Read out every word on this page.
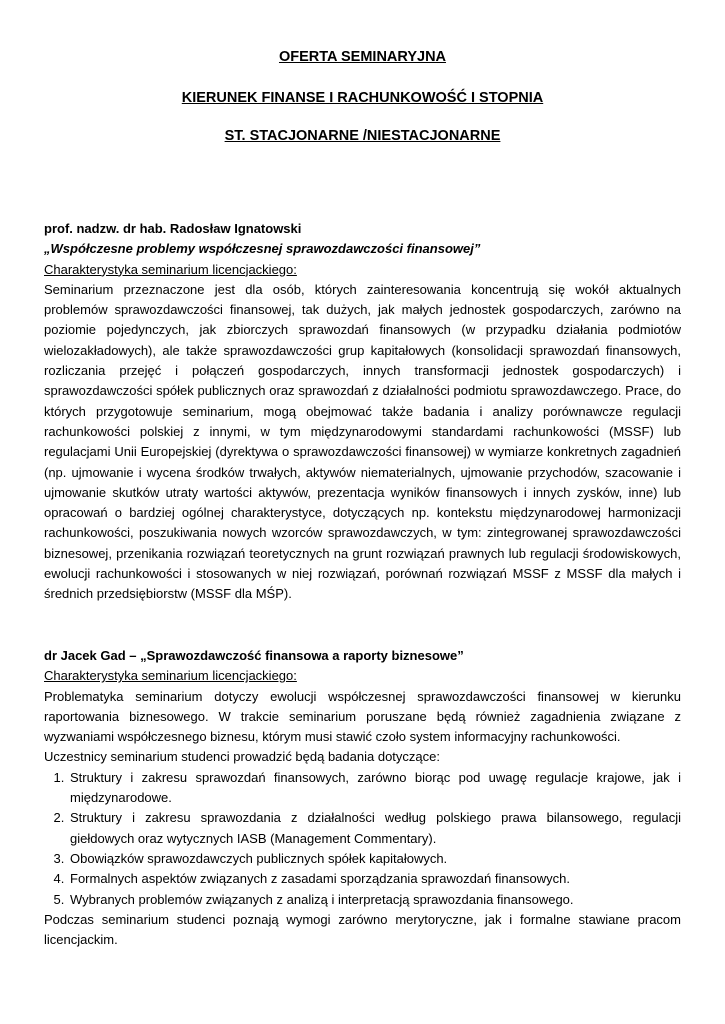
OFERTA SEMINARYJNA
KIERUNEK FINANSE I RACHUNKOWOŚĆ I STOPNIA
ST. STACJONARNE /NIESTACJONARNE

prof. nadzw. dr hab. Radosław Ignatowski

„Współczesne problemy współczesnej sprawozdawczości finansowej”

Charakterystyka seminarium licencjackiego:

Seminarium przeznaczone jest dla osób, których zainteresowania koncentrują się wokół aktualnych problemów sprawozdawczości finansowej, tak dużych, jak małych jednostek gospodarczych, zarówno na poziomie pojedynczych, jak zbiorczych sprawozdań finansowych (w przypadku działania podmiotów wielozakładowych), ale także sprawozdawczości grup kapitałowych (konsolidacji sprawozdań finansowych, rozliczania przejęć i połączeń gospodarczych, innych transformacji jednostek gospodarczych) i sprawozdawczości spółek publicznych oraz sprawozdań z działalności podmiotu sprawozdawczego. Prace, do których przygotowuje seminarium, mogą obejmować także badania i analizy porównawcze regulacji rachunkowości polskiej z innymi, w tym międzynarodowymi standardami rachunkowości (MSSF) lub regulacjami Unii Europejskiej (dyrektywa o sprawozdawczości finansowej) w wymiarze konkretnych zagadnień (np. ujmowanie i wycena środków trwałych, aktywów niematerialnych, ujmowanie przychodów, szacowanie i ujmowanie skutków utraty wartości aktywów, prezentacja wyników finansowych i innych zysków, inne) lub opracowań o bardziej ogólnej charakterystyce, dotyczących np. kontekstu międzynarodowej harmonizacji rachunkowości, poszukiwania nowych wzorców sprawozdawczych, w tym: zintegrowanej sprawozdawczości biznesowej, przenikania rozwiązań teoretycznych na grunt rozwiązań prawnych lub regulacji środowiskowych, ewolucji rachunkowości i stosowanych w niej rozwiązań, porównań rozwiązań MSSF z MSSF dla małych i średnich przedsiębiorstw (MSSF dla MŚP).

dr Jacek Gad – „Sprawozdawczość finansowa a raporty biznesowe”

Charakterystyka seminarium licencjackiego:

Problematyka seminarium dotyczy ewolucji współczesnej sprawozdawczości finansowej w kierunku raportowania biznesowego. W trakcie seminarium poruszane będą również zagadnienia związane z wyzwaniami współczesnego biznesu, którym musi stawić czoło system informacyjny rachunkowości.

Uczestnicy seminarium studenci prowadzić będą badania dotyczące:

1. Struktury i zakresu sprawozdań finansowych, zarówno biorąc pod uwagę regulacje krajowe, jak i międzynarodowe.
2. Struktury i zakresu sprawozdania z działalności według polskiego prawa bilansowego, regulacji giełdowych oraz wytycznych IASB (Management Commentary).
3. Obowiązków sprawozdawczych publicznych spółek kapitałowych.
4. Formalnych aspektów związanych z zasadami sporządzania sprawozdań finansowych.
5. Wybranych problemów związanych z analizą i interpretacją sprawozdania finansowego.

Podczas seminarium studenci poznają wymogi zarówno merytoryczne, jak i formalne stawiane pracom licencjackim.
